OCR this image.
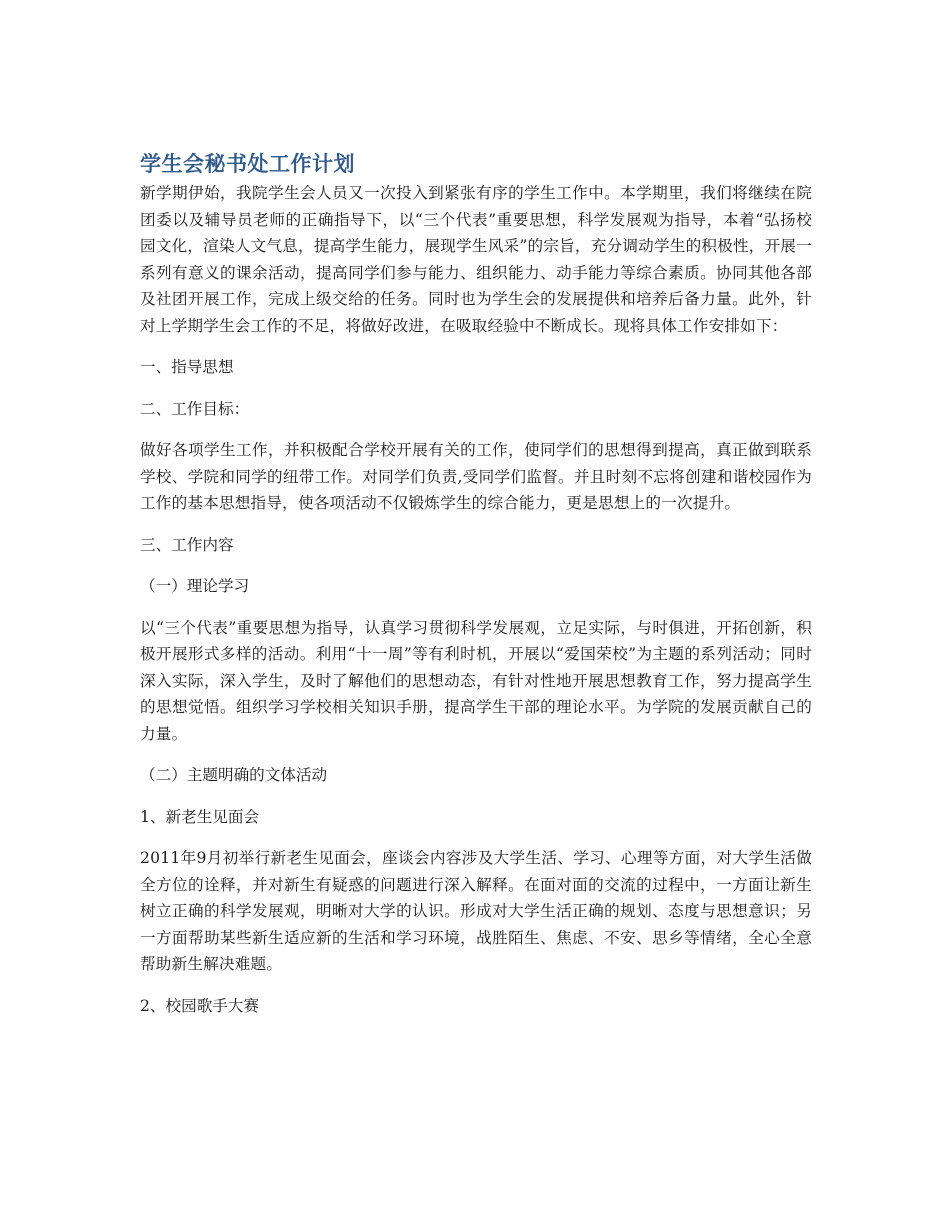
学生会秘书处工作计划

新学期伊始，我院学生会人员又一次投入到紧张有序的学生工作中。本学期里，我们将继续在院团委以及辅导员老师的正确指导下，以“三个代表”重要思想，科学发展观为指导，本着“弘扬校园文化，渲染人文气息，提高学生能力，展现学生风采”的宗旨，充分调动学生的积极性，开展一系列有意义的课余活动，提高同学们参与能力、组织能力、动手能力等综合素质。协同其他各部及社团开展工作，完成上级交给的任务。同时也为学生会的发展提供和培养后备力量。此外，针对上学期学生会工作的不足，将做好改进，在吸取经验中不断成长。现将具体工作安排如下：

一、指导思想

二、工作目标：

做好各项学生工作，并积极配合学校开展有关的工作，使同学们的思想得到提高，真正做到联系学校、学院和同学的纽带工作。对同学们负责,受同学们监督。并且时刻不忘将创建和谐校园作为工作的基本思想指导，使各项活动不仅锻炼学生的综合能力，更是思想上的一次提升。

三、工作内容

（一）理论学习

以“三个代表”重要思想为指导，认真学习贯彻科学发展观，立足实际，与时俱进，开拓创新，积极开展形式多样的活动。利用“十一周”等有利时机，开展以“爱国荣校”为主题的系列活动；同时深入实际，深入学生，及时了解他们的思想动态，有针对性地开展思想教育工作，努力提高学生的思想觉悟。组织学习学校相关知识手册，提高学生干部的理论水平。为学院的发展贡献自己的力量。

（二）主题明确的文体活动

1、新老生见面会

2011年9月初举行新老生见面会，座谈会内容涉及大学生活、学习、心理等方面，对大学生活做全方位的诠释，并对新生有疑惑的问题进行深入解释。在面对面的交流的过程中，一方面让新生树立正确的科学发展观，明晰对大学的认识。形成对大学生活正确的规划、态度与思想意识；另一方面帮助某些新生适应新的生活和学习环境，战胜陌生、焦虑、不安、思乡等情绪，全心全意帮助新生解决难题。

2、校园歌手大赛
